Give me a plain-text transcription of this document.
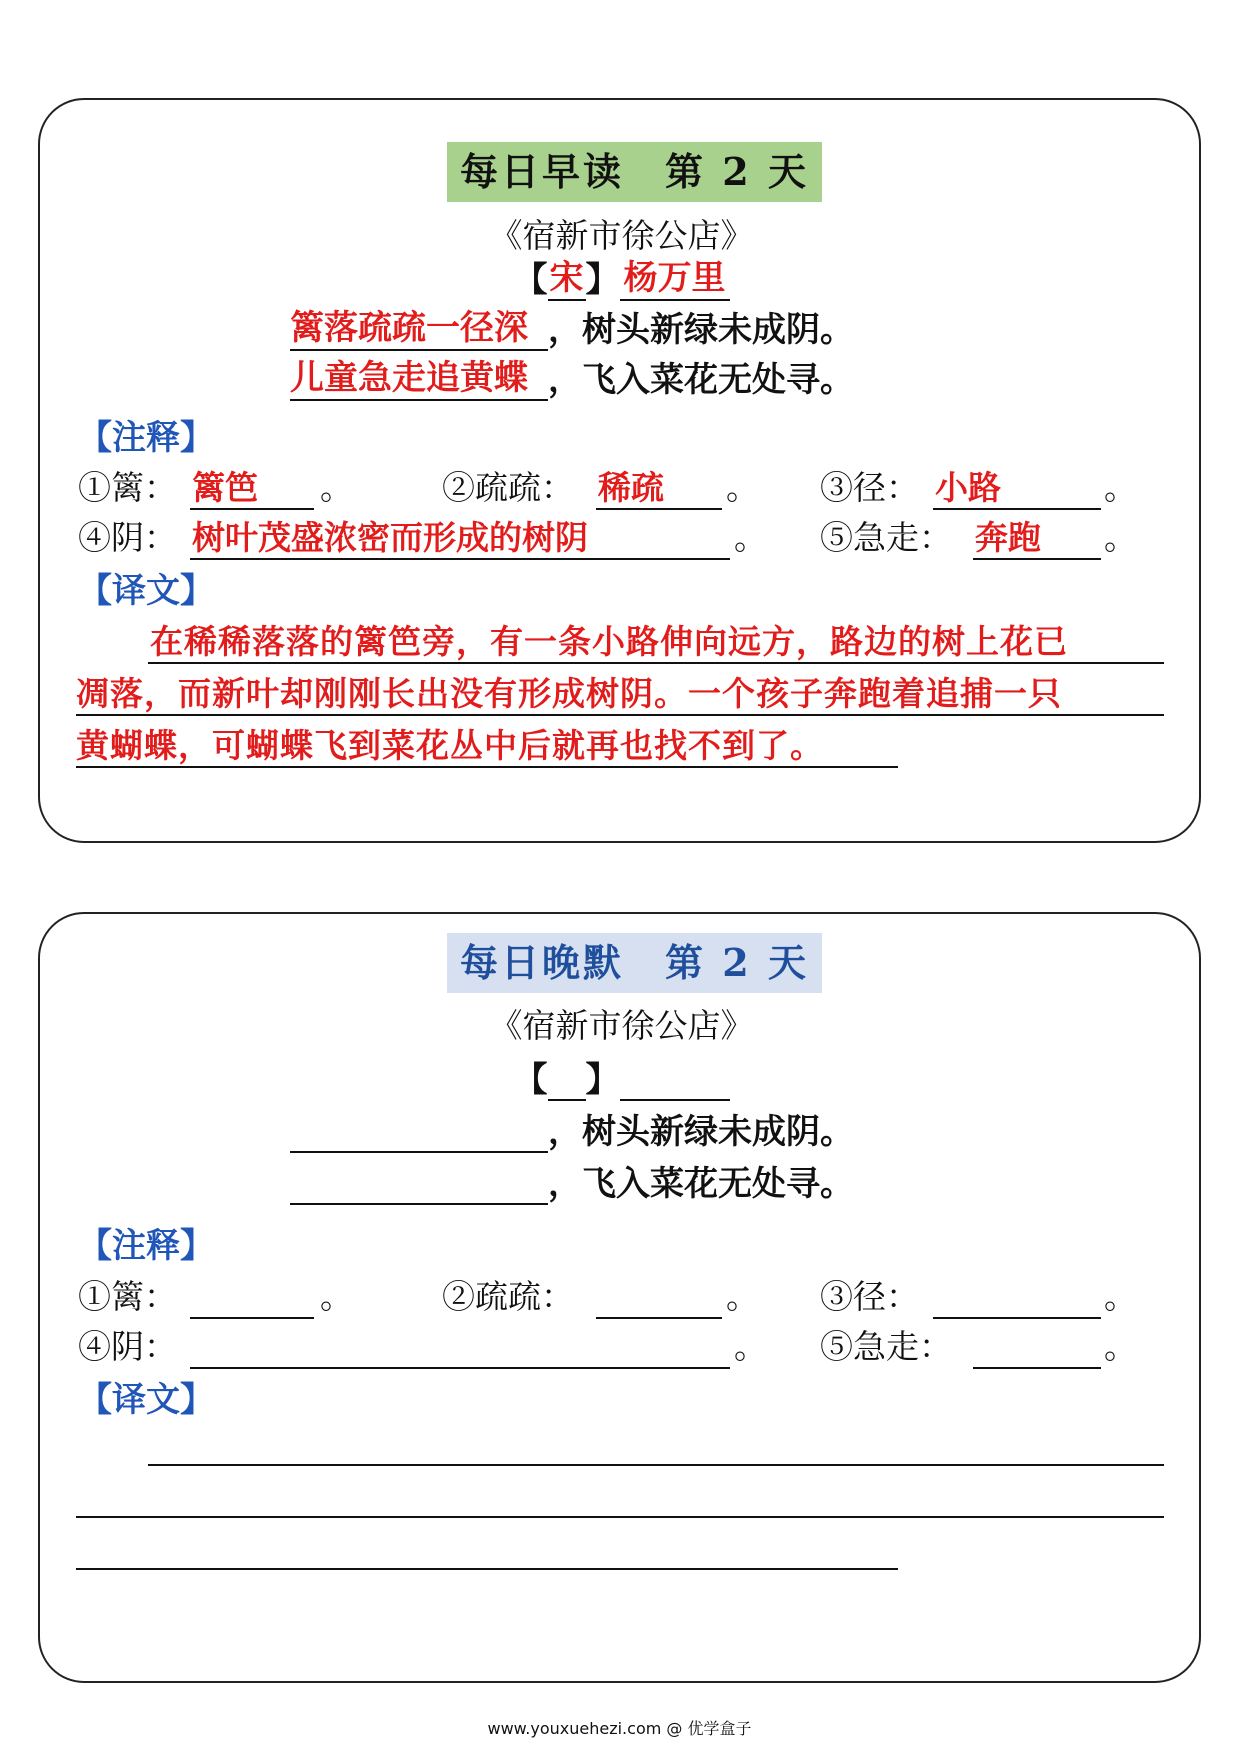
每日早读　第 2 天
《宿新市徐公店》
【宋】 杨万里
篱落疏疏一径深 ，树头新绿未成阴。
儿童急走追黄蝶 ，飞入菜花无处寻。
【注释】
①篱： 篱笆 。	②疏疏： 稀疏 。 ③径： 小路	。
④阴： 树叶茂盛浓密而形成的树阴	。 ⑤急走： 奔跑 。
【译文】
在稀稀落落的篱笆旁，有一条小路伸向远方，路边的树上花已
凋落，而新叶却刚刚长出没有形成树阴。一个孩子奔跑着追捕一只
黄蝴蝶，可蝴蝶飞到菜花丛中后就再也找不到了。
每日晚默　第 2 天
《宿新市徐公店》
【 】
，树头新绿未成阴。
，飞入菜花无处寻。
【注释】
①篱：	。	②疏疏：	。 ③径：	。
④阴：	。 ⑤急走：	。
【译文】
www.youxuehezi.com @ 优学盒子
